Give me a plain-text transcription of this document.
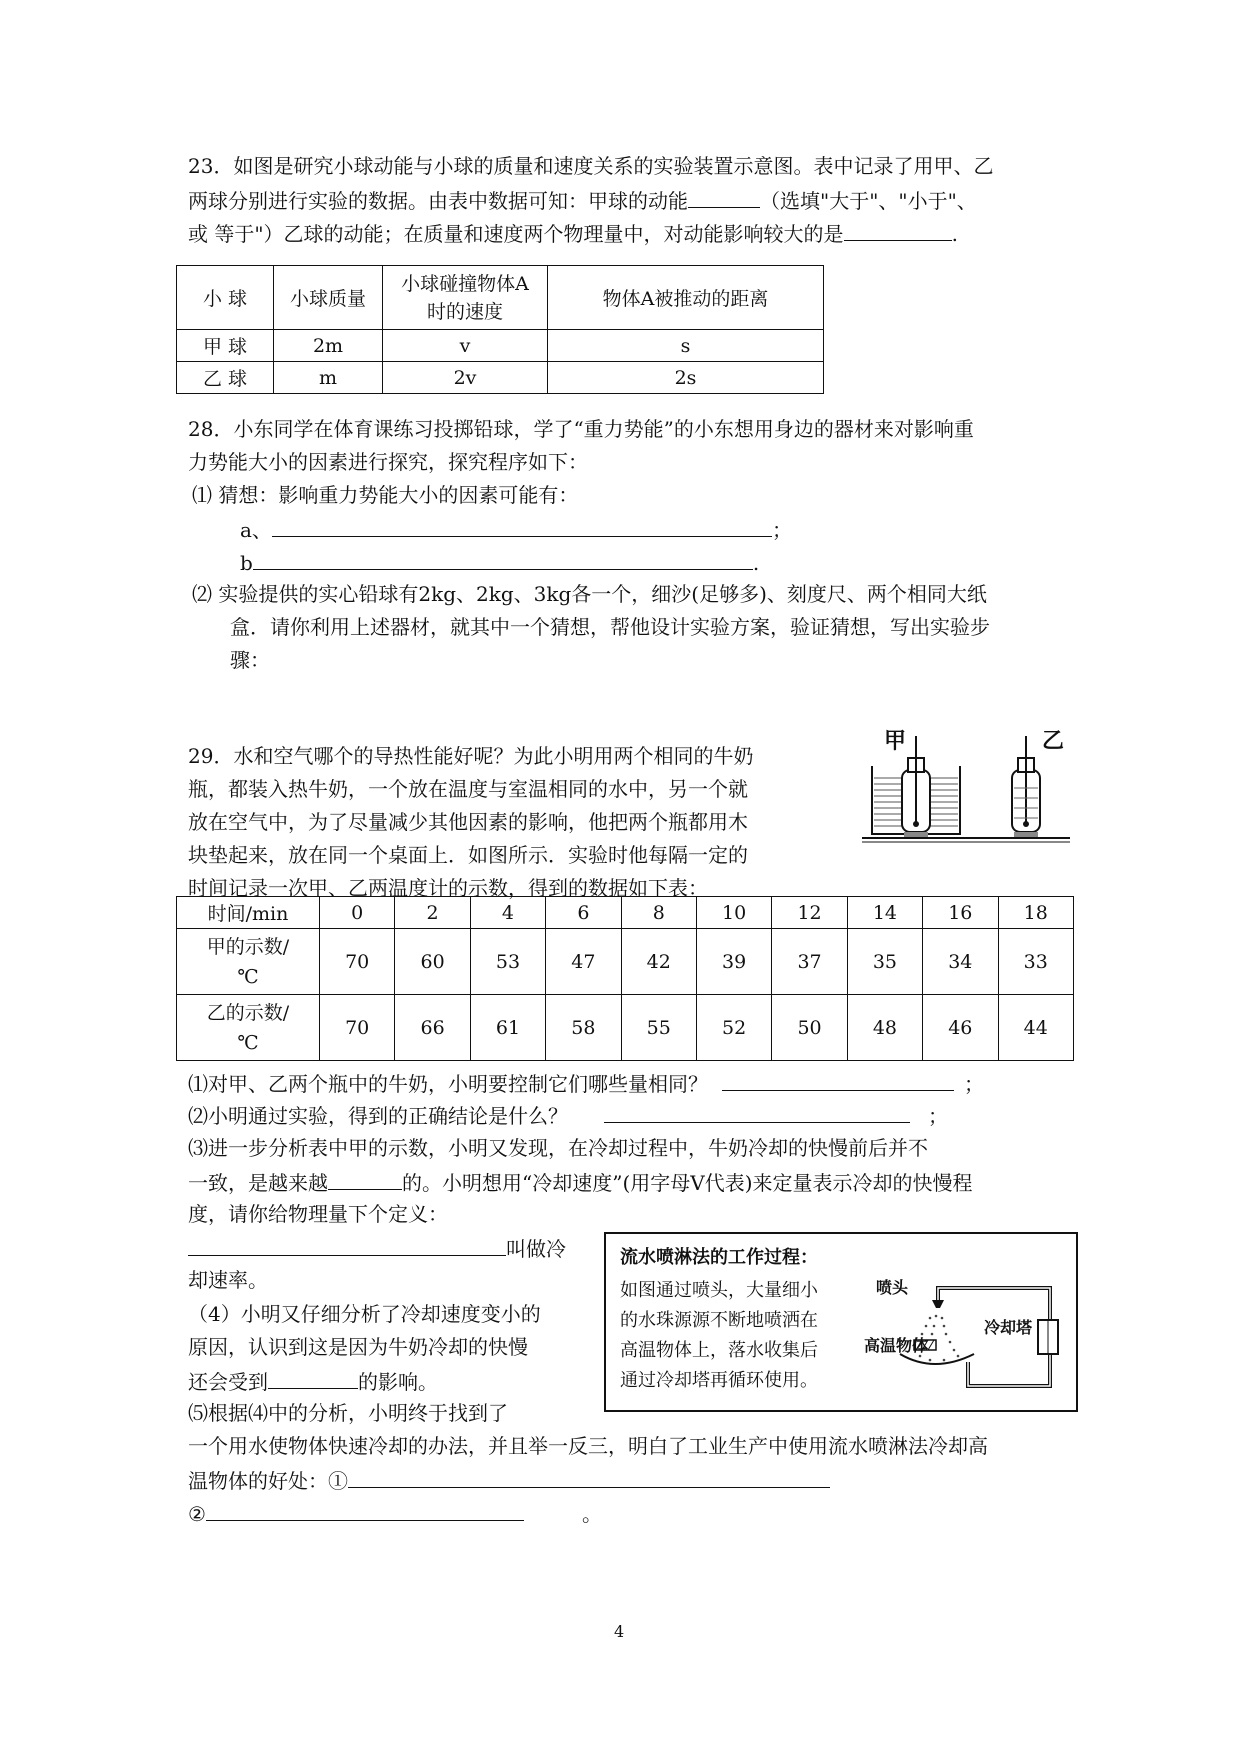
23．如图是研究小球动能与小球的质量和速度关系的实验装置示意图。表中记录了用甲、乙
两球分别进行实验的数据。由表中数据可知：甲球的动能	（选填"大于"、"小于"、
或 等于"）乙球的动能；在质量和速度两个物理量中，对动能影响较大的是	.
小 球	小球质量	小球碰撞物体A
时的速度	物体A被推动的距离
甲 球	2m	v	s
乙 球	m	2v	2s
28．小东同学在体育课练习投掷铅球，学了“重力势能”的小东想用身边的器材来对影响重
力势能大小的因素进行探究，探究程序如下：
⑴ 猜想：影响重力势能大小的因素可能有：
a、	；
b	.
⑵ 实验提供的实心铅球有2kg、2kg、3kg各一个，细沙(足够多)、刻度尺、两个相同大纸
盒．请你利用上述器材，就其中一个猜想，帮他设计实验方案，验证猜想，写出实验步
骤：
29．水和空气哪个的导热性能好呢？为此小明用两个相同的牛奶
瓶，都装入热牛奶，一个放在温度与室温相同的水中，另一个就
放在空气中，为了尽量减少其他因素的影响，他把两个瓶都用木
块垫起来，放在同一个桌面上．如图所示．实验时他每隔一定的
时间记录一次甲、乙两温度计的示数，得到的数据如下表：
甲	乙
时间/min	0	2	4	6	8	10	12	14	16	18
甲的示数/
℃	70	60	53	47	42	39	37	35	34	33
乙的示数/
℃	70	66	61	58	55	52	50	48	46	44
⑴对甲、乙两个瓶中的牛奶，小明要控制它们哪些量相同？	；
⑵小明通过实验，得到的正确结论是什么？	；
⑶进一步分析表中甲的示数，小明又发现，在冷却过程中，牛奶冷却的快慢前后并不
一致，是越来越	的。小明想用“冷却速度”(用字母V代表)来定量表示冷却的快慢程
度，请你给物理量下个定义：
叫做冷
却速率。
（4）小明又仔细分析了冷却速度变小的
原因，认识到这是因为牛奶冷却的快慢
还会受到	的影响。
⑸根据⑷中的分析，小明终于找到了
一个用水使物体快速冷却的办法，并且举一反三，明白了工业生产中使用流水喷淋法冷却高
温物体的好处：①
②	。
流水喷淋法的工作过程：
如图通过喷头，大量细小
的水珠源源不断地喷洒在
高温物体上，落水收集后
通过冷却塔再循环使用。
喷头
冷却塔
高温物体
4
